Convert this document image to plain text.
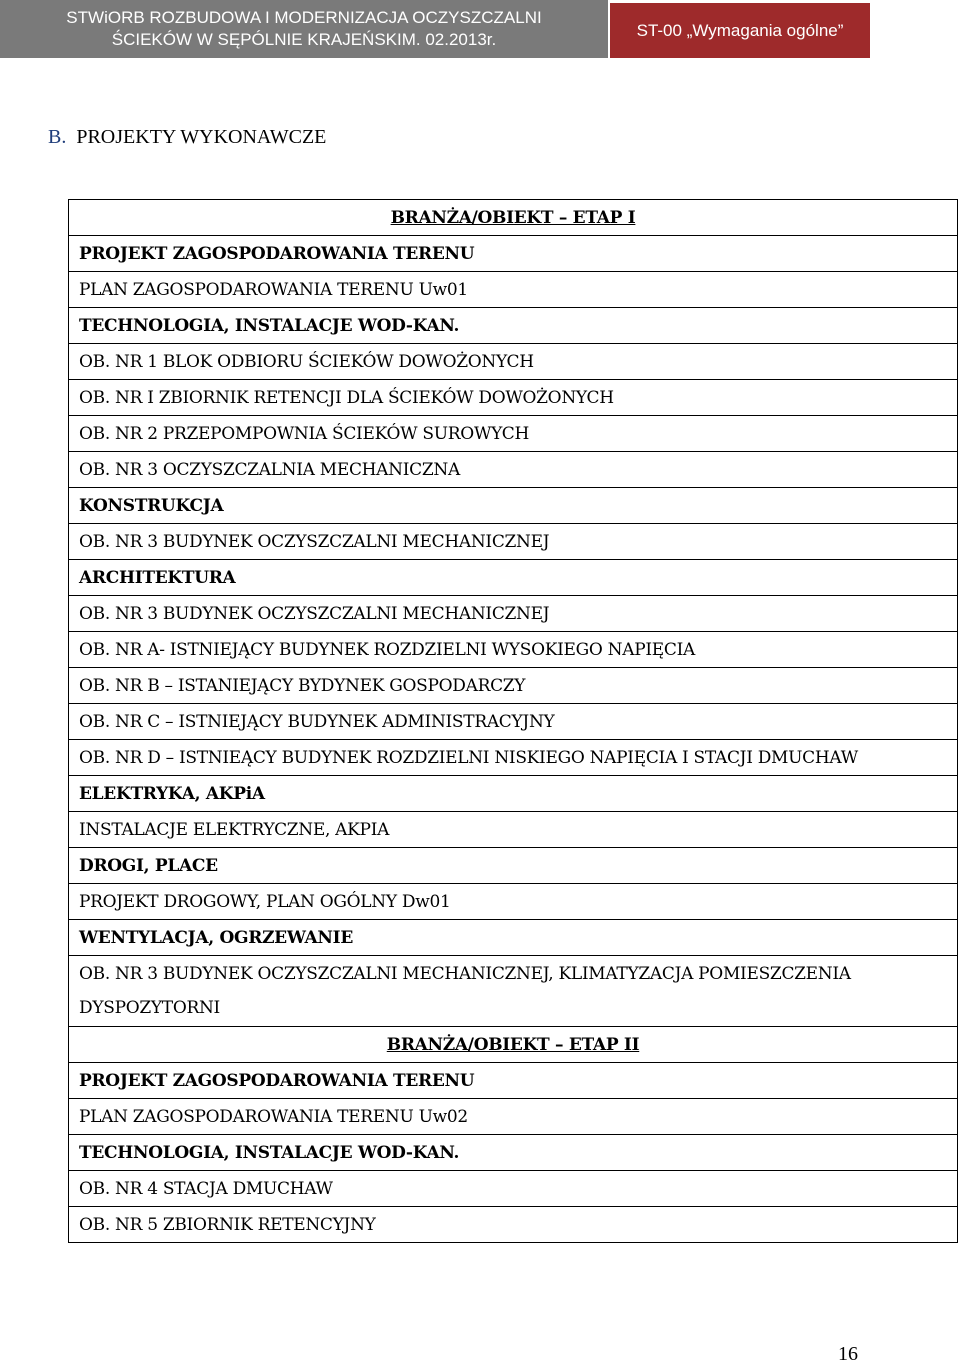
STWiORB ROZBUDOWA I MODERNIZACJA OCZYSZCZALNI
ŚCIEKÓW W SĘPÓLNIE KRAJEŃSKIM. 02.2013r.	ST-00 „Wymagania ogólne”
B. PROJEKTY WYKONAWCZE
BRANŻA/OBIEKT – ETAP I
PROJEKT ZAGOSPODAROWANIA TERENU
PLAN ZAGOSPODAROWANIA TERENU Uw01
TECHNOLOGIA, INSTALACJE WOD-KAN.
OB. NR 1 BLOK ODBIORU ŚCIEKÓW DOWOŻONYCH
OB. NR I ZBIORNIK RETENCJI DLA ŚCIEKÓW DOWOŻONYCH
OB. NR 2 PRZEPOMPOWNIA ŚCIEKÓW SUROWYCH
OB. NR 3 OCZYSZCZALNIA MECHANICZNA
KONSTRUKCJA
OB. NR 3 BUDYNEK OCZYSZCZALNI MECHANICZNEJ
ARCHITEKTURA
OB. NR 3 BUDYNEK OCZYSZCZALNI MECHANICZNEJ
OB. NR A- ISTNIEJĄCY BUDYNEK ROZDZIELNI WYSOKIEGO NAPIĘCIA
OB. NR B – ISTANIEJĄCY BYDYNEK GOSPODARCZY
OB. NR C – ISTNIEJĄCY BUDYNEK ADMINISTRACYJNY
OB. NR D – ISTNIEĄCY BUDYNEK ROZDZIELNI NISKIEGO NAPIĘCIA I STACJI DMUCHAW
ELEKTRYKA, AKPiA
INSTALACJE ELEKTRYCZNE, AKPIA
DROGI, PLACE
PROJEKT DROGOWY, PLAN OGÓLNY Dw01
WENTYLACJA, OGRZEWANIE
OB. NR 3 BUDYNEK OCZYSZCZALNI MECHANICZNEJ, KLIMATYZACJA POMIESZCZENIA DYSPOZYTORNI
BRANŻA/OBIEKT – ETAP II
PROJEKT ZAGOSPODAROWANIA TERENU
PLAN ZAGOSPODAROWANIA TERENU Uw02
TECHNOLOGIA, INSTALACJE WOD-KAN.
OB. NR 4 STACJA DMUCHAW
OB. NR 5 ZBIORNIK RETENCYJNY
16
